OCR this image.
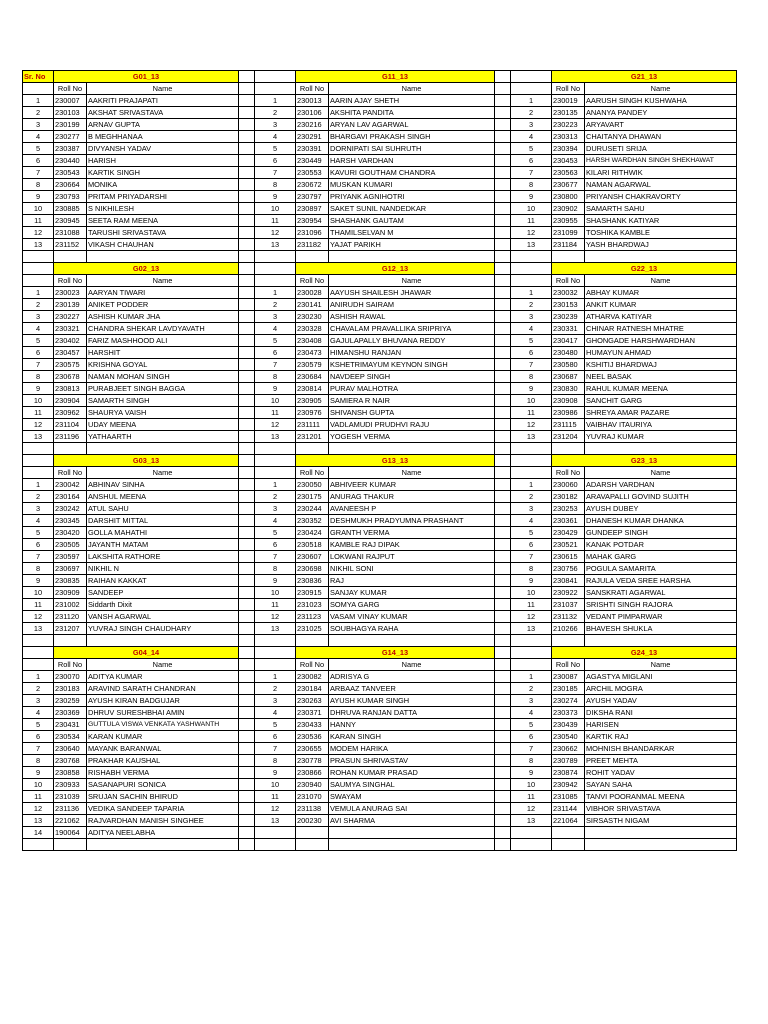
Sr. No	G01_13				G11_13				G21_13	
	Roll No	Name			Roll No	Name			Roll No	Name
1	230007	AAKRITI PRAJAPATI		1	230013	AARIN AJAY SHETH		1	230019	AARUSH SINGH KUSHWAHA
2	230103	AKSHAT SRIVASTAVA		2	230106	AKSHITA PANDITA		2	230135	ANANYA PANDEY
3	230199	ARNAV GUPTA		3	230216	ARYAN LAV AGARWAL		3	230223	ARYAVART
4	230277	B MEGHHANAA		4	230291	BHARGAVI PRAKASH SINGH		4	230313	CHAITANYA DHAWAN
5	230387	DIVYANSH YADAV		5	230391	DORNIPATI SAI SUHRUTH		5	230394	DURUSETI SRIJA
6	230440	HARISH		6	230449	HARSH VARDHAN		6	230453	HARSH WARDHAN SINGH SHEKHAWAT
7	230543	KARTIK SINGH		7	230553	KAVURI GOUTHAM CHANDRA		7	230563	KILARI RITHWIK
8	230664	MONIKA		8	230672	MUSKAN KUMARI		8	230677	NAMAN AGARWAL
9	230793	PRITAM PRIYADARSHI		9	230797	PRIYANK AGNIHOTRI		9	230800	PRIYANSH CHAKRAVORTY
10	230885	S NIKHILESH		10	230897	SAKET SUNIL NANDEDKAR		10	230902	SAMARTH SAHU
11	230945	SEETA RAM MEENA		11	230954	SHASHANK GAUTAM		11	230955	SHASHANK KATIYAR
12	231088	TARUSHI SRIVASTAVA		12	231096	THAMILSELVAN M		12	231099	TOSHIKA KAMBLE
13	231152	VIKASH CHAUHAN		13	231182	YAJAT PARIKH		13	231184	YASH BHARDWAJ

	G02_13				G12_13				G22_13	
	Roll No	Name			Roll No	Name			Roll No	Name
1	230023	AARYAN TIWARI		1	230028	AAYUSH SHAILESH JHAWAR		1	230032	ABHAY KUMAR
2	230139	ANIKET PODDER		2	230141	ANIRUDH SAIRAM		2	230153	ANKIT KUMAR
3	230227	ASHISH KUMAR JHA		3	230230	ASHISH RAWAL		3	230239	ATHARVA KATIYAR
4	230321	CHANDRA SHEKAR LAVDYAVATH		4	230328	CHAVALAM PRAVALLIKA SRIPRIYA		4	230331	CHINAR RATNESH MHATRE
5	230402	FARIZ MASHHOOD ALI		5	230408	GAJULAPALLY BHUVANA REDDY		5	230417	GHONGADE HARSHWARDHAN
6	230457	HARSHIT		6	230473	HIMANSHU RANJAN		6	230480	HUMAYUN AHMAD
7	230575	KRISHNA GOYAL		7	230579	KSHETRIMAYUM KEYNON SINGH		7	230580	KSHITIJ BHARDWAJ
8	230678	NAMAN MOHAN SINGH		8	230684	NAVDEEP SINGH		8	230687	NEEL BASAK
9	230813	PURABJEET SINGH BAGGA		9	230814	PURAV MALHOTRA		9	230830	RAHUL KUMAR MEENA
10	230904	SAMARTH SINGH		10	230905	SAMIERA R NAIR		10	230908	SANCHIT GARG
11	230962	SHAURYA VAISH		11	230976	SHIVANSH GUPTA		11	230986	SHREYA AMAR PAZARE
12	231104	UDAY MEENA		12	231111	VADLAMUDI PRUDHVI RAJU		12	231115	VAIBHAV ITAURIYA
13	231196	YATHAARTH		13	231201	YOGESH VERMA		13	231204	YUVRAJ KUMAR

	G03_13				G13_13				G23_13	
	Roll No	Name			Roll No	Name			Roll No	Name
1	230042	ABHINAV SINHA		1	230050	ABHIVEER KUMAR		1	230060	ADARSH VARDHAN
2	230164	ANSHUL MEENA		2	230175	ANURAG THAKUR		2	230182	ARAVAPALLI GOVIND SUJITH
3	230242	ATUL SAHU		3	230244	AVANEESH P		3	230253	AYUSH DUBEY
4	230345	DARSHIT MITTAL		4	230352	DESHMUKH PRADYUMNA PRASHANT		4	230361	DHANESH KUMAR DHANKA
5	230420	GOLLA MAHATHI		5	230424	GRANTH VERMA		5	230429	GUNDEEP SINGH
6	230505	JAYANTH MATAM		6	230518	KAMBLE RAJ DIPAK		6	230521	KANAK POTDAR
7	230597	LAKSHITA RATHORE		7	230607	LOKWANI RAJPUT		7	230615	MAHAK GARG
8	230697	NIKHIL N		8	230698	NIKHIL SONI		8	230756	POGULA SAMARITA
9	230835	RAIHAN KAKKAT		9	230836	RAJ		9	230841	RAJULA VEDA SREE HARSHA
10	230909	SANDEEP		10	230915	SANJAY KUMAR		10	230922	SANSKRATI AGARWAL
11	231002	Siddarth Dixit		11	231023	SOMYA GARG		11	231037	SRISHTI SINGH RAJORA
12	231120	VANSH AGARWAL		12	231123	VASAM VINAY KUMAR		12	231132	VEDANT PIMPARWAR
13	231207	YUVRAJ SINGH CHAUDHARY		13	231025	SOUBHAGYA RAHA		13	210266	BHAVESH SHUKLA

	G04_14				G14_13				G24_13	
	Roll No	Name			Roll No	Name			Roll No	Name
1	230070	ADITYA KUMAR		1	230082	ADRISYA G		1	230087	AGASTYA MIGLANI
2	230183	ARAVIND SARATH CHANDRAN		2	230184	ARBAAZ TANVEER		2	230185	ARCHIL MOGRA
3	230259	AYUSH KIRAN BADGUJAR		3	230263	AYUSH KUMAR SINGH		3	230274	AYUSH YADAV
4	230369	DHRUV SURESHBHAI AMIN		4	230371	DHRUVA RANJAN DATTA		4	230373	DIKSHA RANI
5	230431	GUTTULA VISWA VENKATA YASHWANTH		5	230433	HANNY		5	230439	HARISEN
6	230534	KARAN KUMAR		6	230536	KARAN SINGH		6	230540	KARTIK RAJ
7	230640	MAYANK BARANWAL		7	230655	MODEM HARIKA		7	230662	MOHNISH BHANDARKAR
8	230768	PRAKHAR KAUSHAL		8	230778	PRASUN SHRIVASTAV		8	230789	PREET MEHTA
9	230858	RISHABH VERMA		9	230866	ROHAN KUMAR PRASAD		9	230874	ROHIT YADAV
10	230933	SASANAPURI SONICA		10	230940	SAUMYA SINGHAL		10	230942	SAYAN SAHA
11	231039	SRUJAN SACHIN BHIRUD		11	231070	SWAYAM		11	231085	TANVI POORANMAL MEENA
12	231136	VEDIKA SANDEEP TAPARIA		12	231138	VEMULA ANURAG SAI		12	231144	VIBHOR SRIVASTAVA
13	221062	RAJVARDHAN MANISH SINGHEE		13	200230	AVI SHARMA		13	221064	SIRSASTH NIGAM
14	190064	ADITYA NEELABHA								
